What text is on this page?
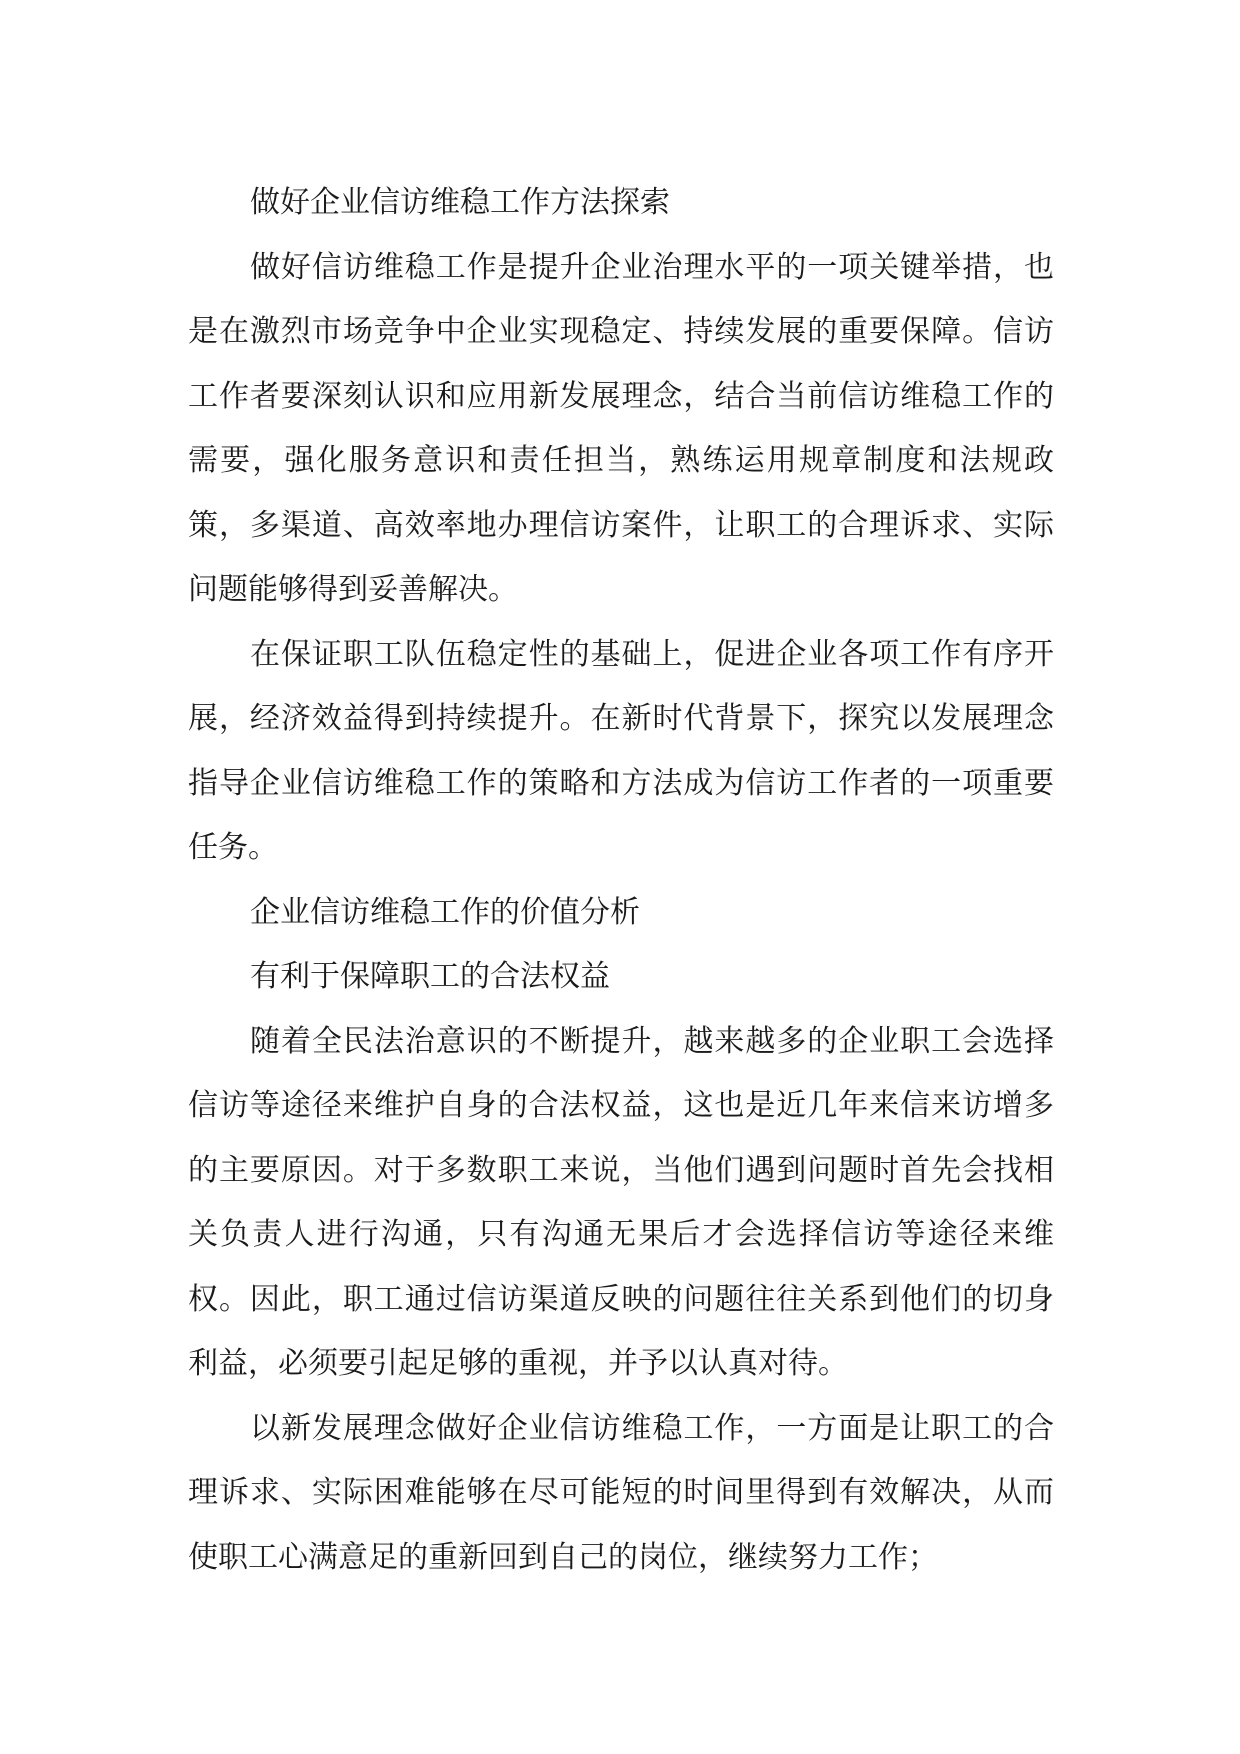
做好企业信访维稳工作方法探索

做好信访维稳工作是提升企业治理水平的一项关键举措，也是在激烈市场竞争中企业实现稳定、持续发展的重要保障。信访工作者要深刻认识和应用新发展理念，结合当前信访维稳工作的需要，强化服务意识和责任担当，熟练运用规章制度和法规政策，多渠道、高效率地办理信访案件，让职工的合理诉求、实际问题能够得到妥善解决。

在保证职工队伍稳定性的基础上，促进企业各项工作有序开展，经济效益得到持续提升。在新时代背景下，探究以发展理念指导企业信访维稳工作的策略和方法成为信访工作者的一项重要任务。

企业信访维稳工作的价值分析

有利于保障职工的合法权益

随着全民法治意识的不断提升，越来越多的企业职工会选择信访等途径来维护自身的合法权益，这也是近几年来信来访增多的主要原因。对于多数职工来说，当他们遇到问题时首先会找相关负责人进行沟通，只有沟通无果后才会选择信访等途径来维权。因此，职工通过信访渠道反映的问题往往关系到他们的切身利益，必须要引起足够的重视，并予以认真对待。

以新发展理念做好企业信访维稳工作，一方面是让职工的合理诉求、实际困难能够在尽可能短的时间里得到有效解决，从而使职工心满意足的重新回到自己的岗位，继续努力工作；
